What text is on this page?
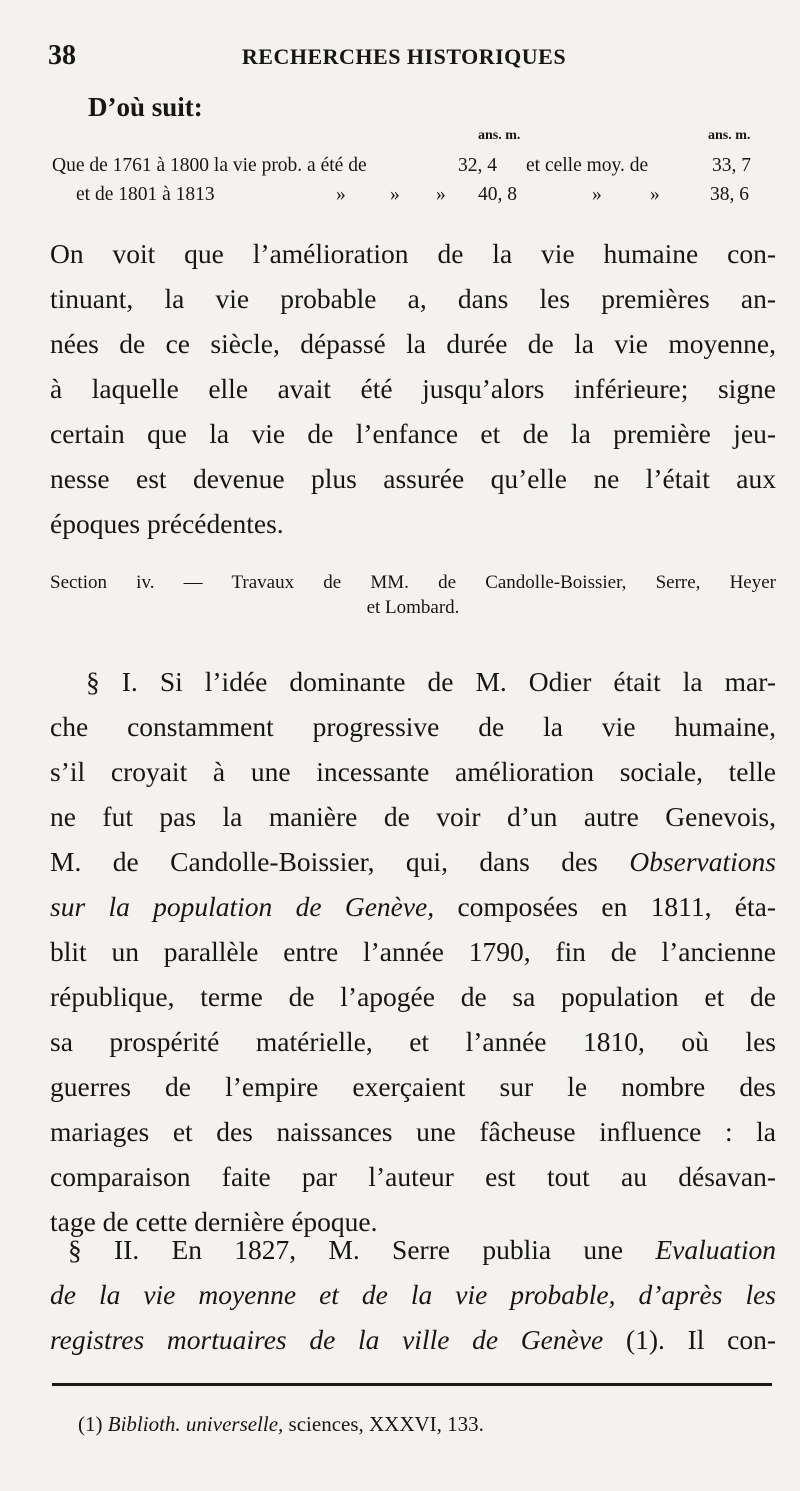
38	RECHERCHES HISTORIQUES
D’où suit:
ans. m.	ans. m.
Que de 1761 à 1800 la vie prob. a été de	32, 4 et celle moy. de	33, 7
et de 1801 à 1813	» » » 40, 8	» »	38, 6
On voit que l’amélioration de la vie humaine con-
tinuant, la vie probable a, dans les premières an-
nées de ce siècle, dépassé la durée de la vie moyenne,
à laquelle elle avait été jusqu’alors inférieure; signe
certain que la vie de l’enfance et de la première jeu-
nesse est devenue plus assurée qu’elle ne l’était aux
époques précédentes.
Section iv. — Travaux de MM. de Candolle-Boissier, Serre, Heyer
et Lombard.
§ I. Si l’idée dominante de M. Odier était la mar-
che constamment progressive de la vie humaine,
s’il croyait à une incessante amélioration sociale, telle
ne fut pas la manière de voir d’un autre Genevois,
M. de Candolle-Boissier, qui, dans des Observations
sur la population de Genève, composées en 1811, éta-
blit un parallèle entre l’année 1790, fin de l’ancienne
république, terme de l’apogée de sa population et de
sa prospérité matérielle, et l’année 1810, où les
guerres de l’empire exerçaient sur le nombre des
mariages et des naissances une fâcheuse influence : la
comparaison faite par l’auteur est tout au désavan-
tage de cette dernière époque.
§ II. En 1827, M. Serre publia une Evaluation
de la vie moyenne et de la vie probable, d’après les
registres mortuaires de la ville de Genève (1). Il con-
(1) Biblioth. universelle, sciences, XXXVI, 133.
